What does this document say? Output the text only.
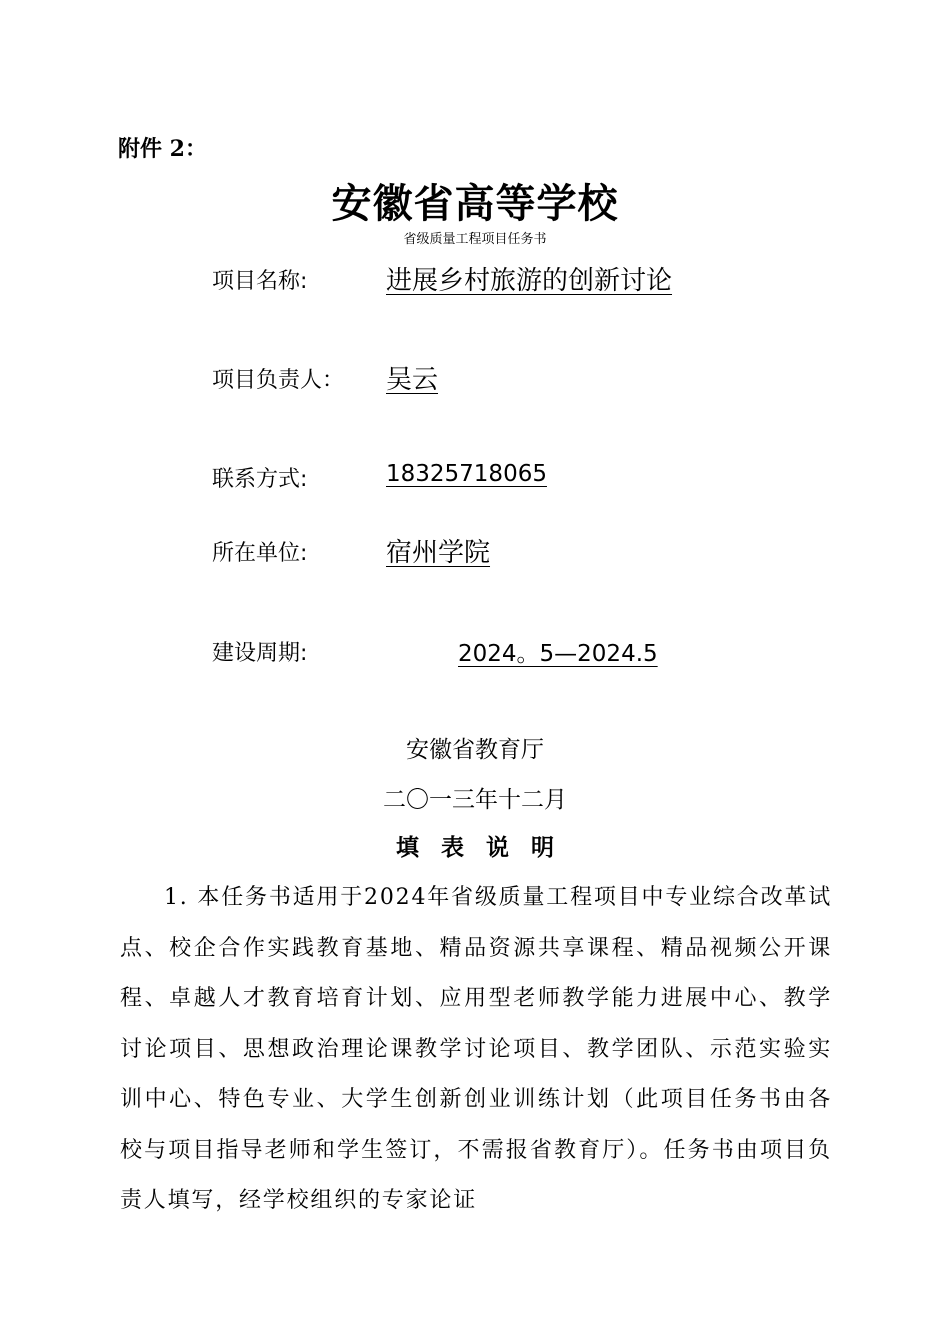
附件 2：
安徽省高等学校
省级质量工程项目任务书
项目名称:	进展乡村旅游的创新讨论
项目负责人： 吴云
联系方式:	18325718065
所在单位:	宿州学院
建设周期:	2024。5—2024.5
安徽省教育厅
二〇一三年十二月
填表说明

1. 本任务书适用于2024年省级质量工程项目中专业综合改革试点、校企合作实践教育基地、精品资源共享课程、精品视频公开课程、卓越人才教育培育计划、应用型老师教学能力进展中心、教学讨论项目、思想政治理论课教学讨论项目、教学团队、示范实验实训中心、特色专业、大学生创新创业训练计划（此项目任务书由各校与项目指导老师和学生签订，不需报省教育厅）。任务书由项目负责人填写，经学校组织的专家论证
